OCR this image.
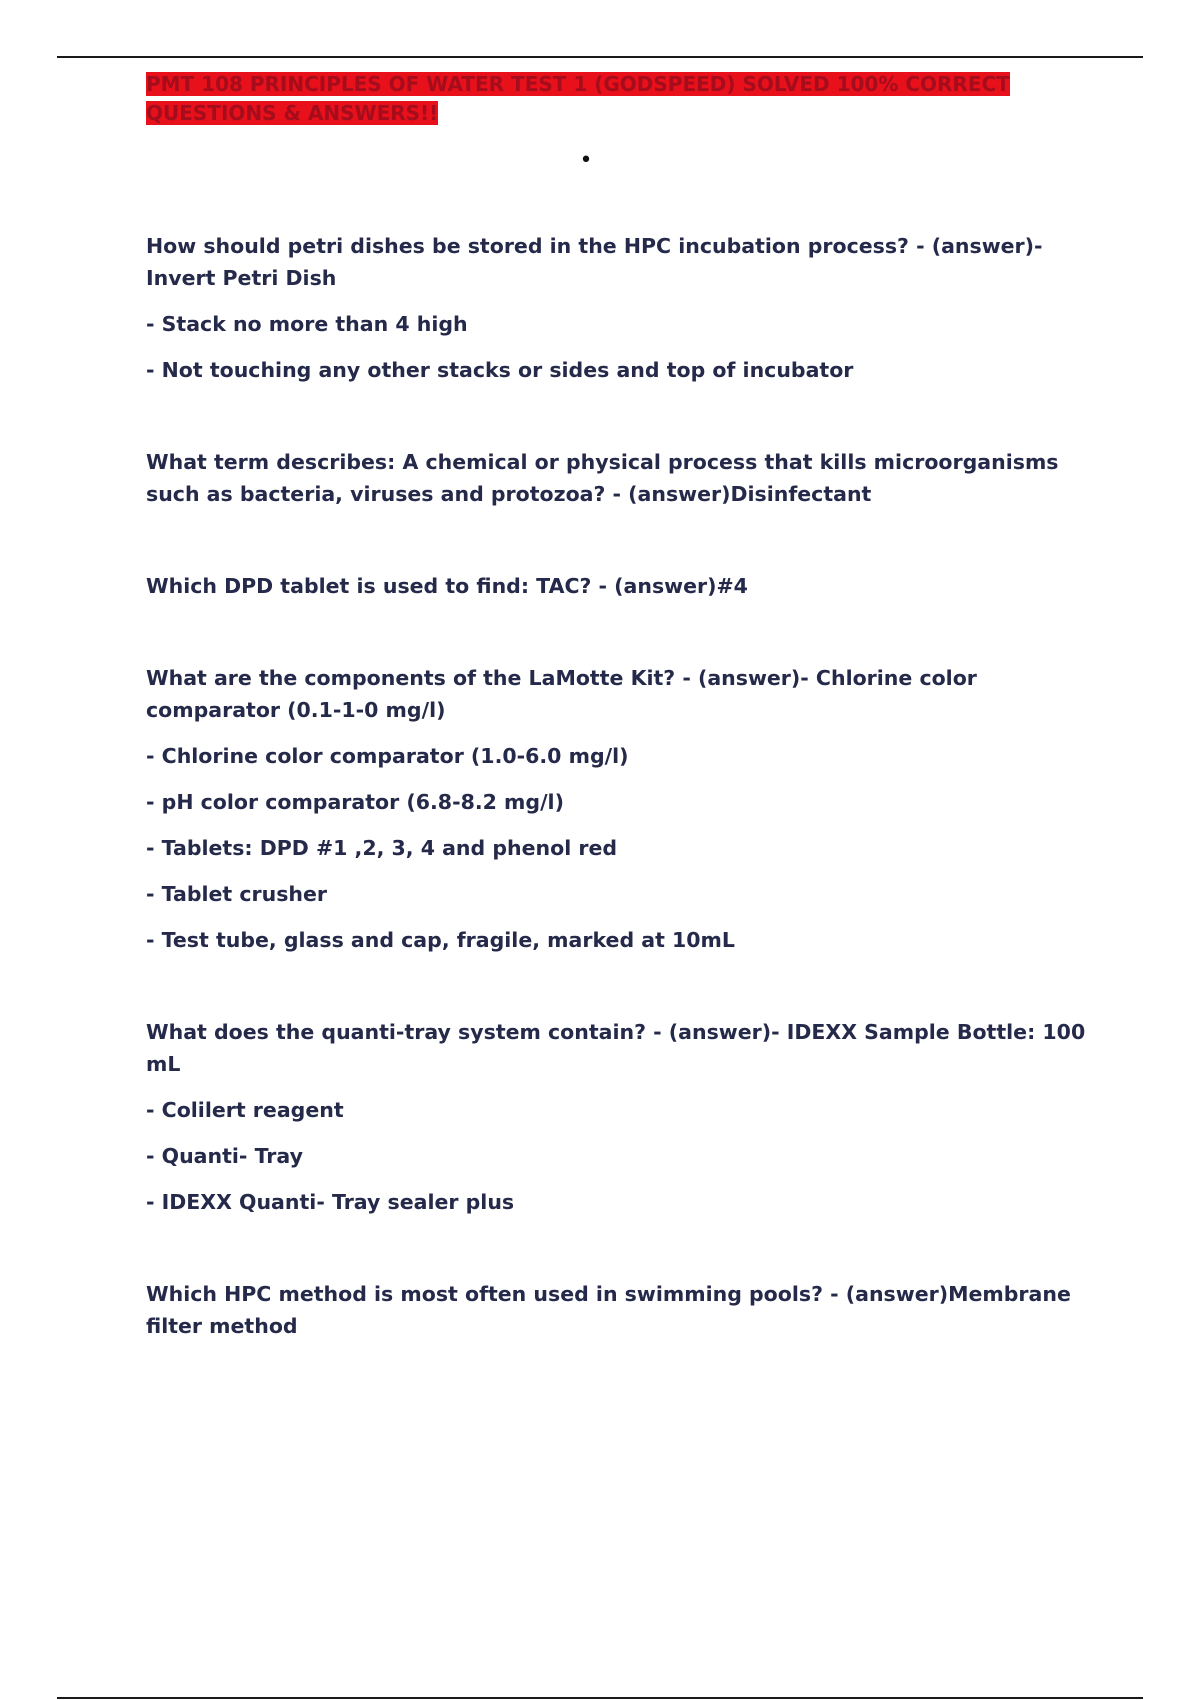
PMT 108 PRINCIPLES OF WATER TEST 1 (GODSPEED) SOLVED 100% CORRECT QUESTIONS & ANSWERS!!
•

How should petri dishes be stored in the HPC incubation process? - (answer)- Invert Petri Dish

- Stack no more than 4 high

- Not touching any other stacks or sides and top of incubator

What term describes: A chemical or physical process that kills microorganisms such as bacteria, viruses and protozoa? - (answer)Disinfectant

Which DPD tablet is used to find: TAC? - (answer)#4

What are the components of the LaMotte Kit? - (answer)- Chlorine color comparator (0.1-1-0 mg/l)

- Chlorine color comparator (1.0-6.0 mg/l)

- pH color comparator (6.8-8.2 mg/l)

- Tablets: DPD #1 ,2, 3, 4 and phenol red

- Tablet crusher

- Test tube, glass and cap, fragile, marked at 10mL

What does the quanti-tray system contain? - (answer)- IDEXX Sample Bottle: 100 mL

- Colilert reagent

- Quanti- Tray

- IDEXX Quanti- Tray sealer plus

Which HPC method is most often used in swimming pools? - (answer)Membrane filter method
